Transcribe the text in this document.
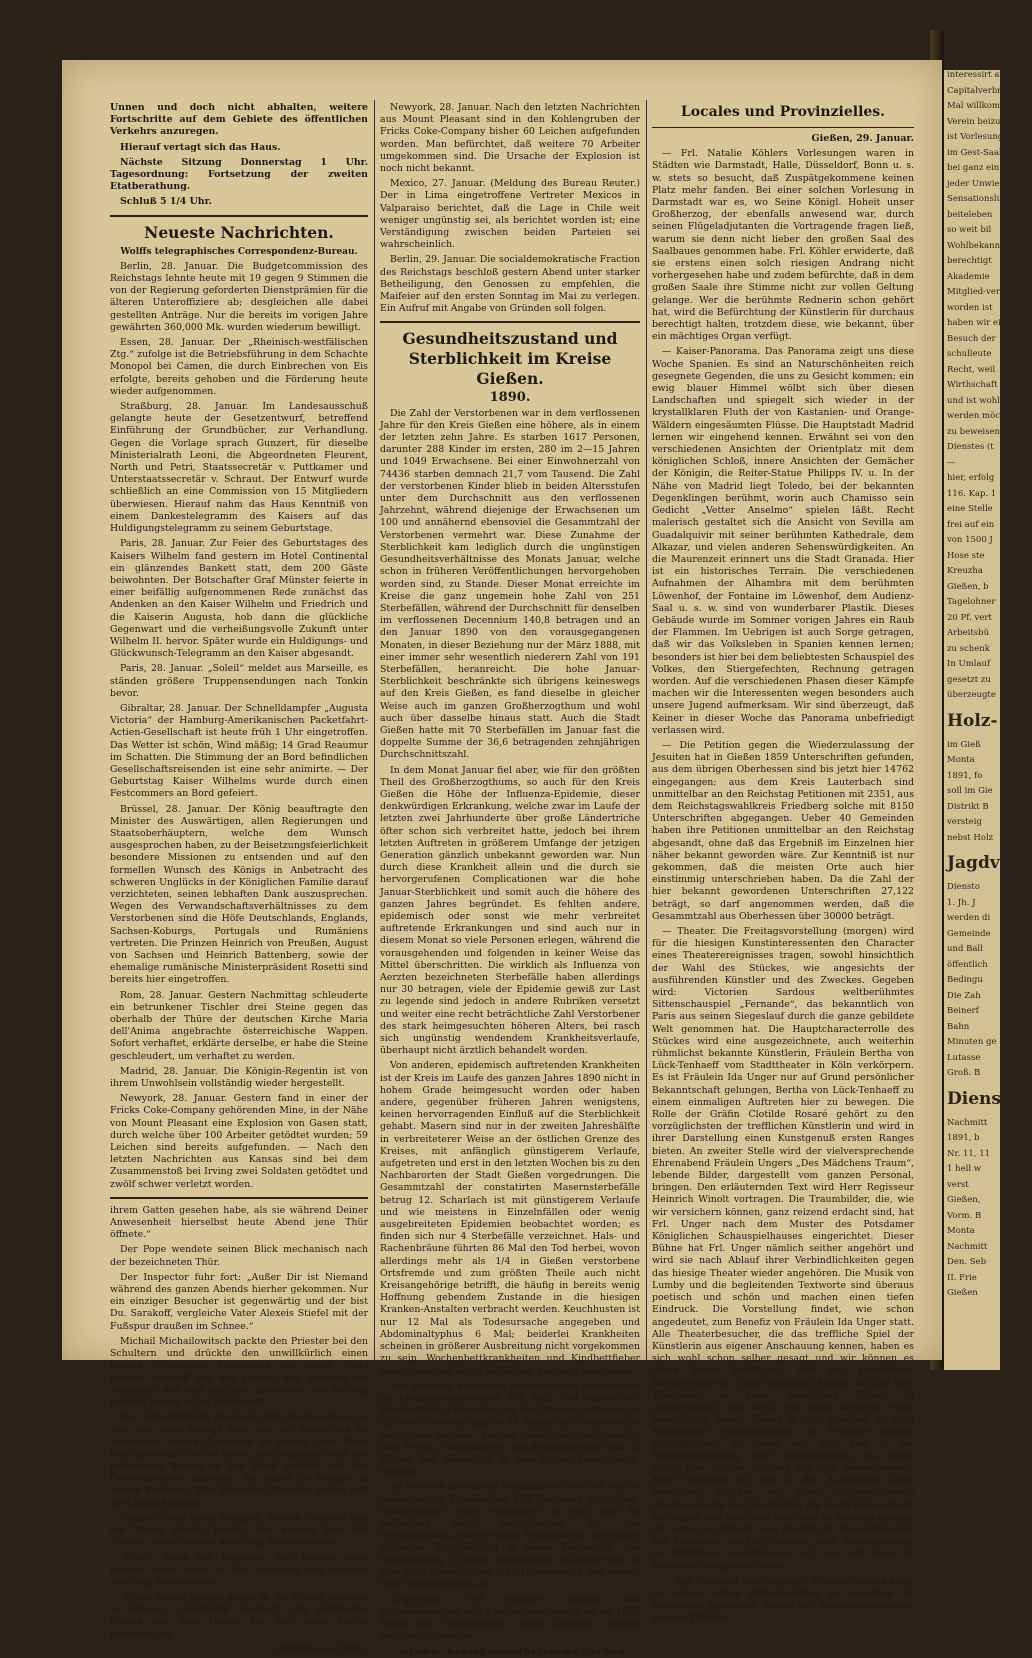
Unnen und doch nicht abhalten, weitere Fortschritte auf dem Gebiete des öffentlichen Verkehrs anzuregen.

Hierauf vertagt sich das Haus.

Nächste Sitzung Donnerstag 1 Uhr. Tagesordnung: Fortsetzung der zweiten Etatberathung.

Schluß 5 1/4 Uhr.

Neueste Nachrichten.

Wolffs telegraphisches Correspondenz-Bureau.

Berlin, 28. Januar. Die Budgetcommission des Reichstags lehnte heute mit 19 gegen 9 Stimmen die von der Regierung geforderten Dienstprämien für die älteren Unteroffiziere ab; desgleichen alle dabei gestellten Anträge. Nur die bereits im vorigen Jahre gewährten 360,000 Mk. wurden wiederum bewilligt.

Essen, 28. Januar. Der „Rheinisch-westfälischen Ztg.“ zufolge ist die Betriebsführung in dem Schachte Monopol bei Camen, die durch Einbrechen von Eis erfolgte, bereits gehoben und die Förderung heute wieder aufgenommen.

Straßburg, 28. Januar. Im Landesausschuß gelangte heute der Gesetzentwurf, betreffend Einführung der Grundbücher, zur Verhandlung. Gegen die Vorlage sprach Gunzert, für dieselbe Ministerialrath Leoni, die Abgeordneten Fleurent, North und Petri, Staatssecretär v. Puttkamer und Unterstaatssecretär v. Schraut. Der Entwurf wurde schließlich an eine Commission von 15 Mitgliedern überwiesen. Hierauf nahm das Haus Kenntniß von einem Dankestelegramm des Kaisers auf das Huldigungstelegramm zu seinem Geburtstage.

Paris, 28. Januar. Zur Feier des Geburtstages des Kaisers Wilhelm fand gestern im Hotel Continental ein glänzendes Bankett statt, dem 200 Gäste beiwohnten. Der Botschafter Graf Münster feierte in einer beifällig aufgenommenen Rede zunächst das Andenken an den Kaiser Wilhelm und Friedrich und die Kaiserin Augusta, hob dann die glückliche Gegenwart und die verheißungsvolle Zukunft unter Wilhelm II. hervor. Später wurde ein Huldigungs- und Glückwunsch-Telegramm an den Kaiser abgesandt.

Paris, 28. Januar. „Soleil“ meldet aus Marseille, es ständen größere Truppensendungen nach Tonkin bevor.

Gibraltar, 28. Januar. Der Schnelldampfer „Augusta Victoria“ der Hamburg-Amerikanischen Packetfahrt-Actien-Gesellschaft ist heute früh 1 Uhr eingetroffen. Das Wetter ist schön, Wind mäßig; 14 Grad Reaumur im Schatten. Die Stimmung der an Bord befindlichen Gesellschaftsreisenden ist eine sehr animirte. — Der Geburtstag Kaiser Wilhelms wurde durch einen Festcommers an Bord gefeiert.

Brüssel, 28. Januar. Der König beauftragte den Minister des Auswärtigen, allen Regierungen und Staatsoberhäuptern, welche dem Wunsch ausgesprochen haben, zu der Beisetzungsfeierlichkeit besondere Missionen zu entsenden und auf den formellen Wunsch des Königs in Anbetracht des schweren Unglücks in der Königlichen Familie darauf verzichteten, seinen lebhaften Dank auszusprechen. Wegen des Verwandschaftsverhältnisses zu dem Verstorbenen sind die Höfe Deutschlands, Englands, Sachsen-Koburgs, Portugals und Rumäniens vertreten. Die Prinzen Heinrich von Preußen, August von Sachsen und Heinrich Battenberg, sowie der ehemalige rumänische Ministerpräsident Rosetti sind bereits hier eingetroffen.

Rom, 28. Januar. Gestern Nachmittag schleuderte ein betrunkener Tischler drei Steine gegen das oberhalb der Thüre der deutschen Kirche Maria dell'Anima angebrachte österreichische Wappen. Sofort verhaftet, erklärte derselbe, er habe die Steine geschleudert, um verhaftet zu werden.

Madrid, 28. Januar. Die Königin-Regentin ist von ihrem Unwohlsein vollständig wieder hergestellt.

Newyork, 28. Januar. Gestern fand in einer der Fricks Coke-Company gehörenden Mine, in der Nähe von Mount Pleasant eine Explosion von Gasen statt, durch welche über 100 Arbeiter getödtet wurden; 59 Leichen sind bereits aufgefunden. — Nach den letzten Nachrichten aus Kansas sind bei dem Zusammenstoß bei Irving zwei Soldaten getödtet und zwölf schwer verletzt worden.

ihrem Gatten gesehen habe, als sie während Deiner Anwesenheit hierselbst heute Abend jene Thür öffnete.“

Der Pope wendete seinen Blick mechanisch nach der bezeichneten Thür.

Der Inspector fuhr fort: „Außer Dir ist Niemand während des ganzen Abends hierher gekommen. Nur ein einziger Besucher ist gegenwärtig und der bist Du. Sarakoff, vergleiche Vater Alexeis Stiefel mit der Fußspur draußen im Schnee.“

Michail Michailowitsch packte den Priester bei den Schultern und drückte den unwillkürlich einen kurzen Widerstand Leistenden auf einen Stuhl nieder; Sarakoff zog ihm schnell und gewandt die Pelzstiefel aus und ging mit denselben, von Michail gefolgt, hinaus in die Finsterniß.

Der Ueberwältigte blieb auf dem Stuhle sitzen; es war ihm ganz stumpf und wirr zu Sinne und er vermochte keinen Gedanken zu fassen. Sein Blick irrte abwesend durchs Leere. Der Inspector stand mit gekreuzten Armen an den Tisch gelehnt und der Gerichtsbeamte blätterte, die Feder im Munde, in seinen Papieren. Man hörte die Wanduhr ticken und die Lampe knistern.

Endlich, nach einer Ewigkeit, kamen Sarakoff und der Bauer wieder herein; der erstere trug die Stiefeln, deren Sohlen weiß vom Schnee waren.

„Nun?“ sagte der Inspector. Der Beamte aber tauchte seine Feder in das Tintenfaß und schickte sich zum Schreiben an.

„Diese Stiefel passen genau in die Fährte draußen im Schnee,“ berichtete Sarakoff. „Die Fußspuren rühren von dem Manne her, der diese Stiefel getragen hat.“

(Fortsetzung folgt.)

Newyork, 28. Januar. Nach den letzten Nachrichten aus Mount Pleasant sind in den Kohlengruben der Fricks Coke-Company bisher 60 Leichen aufgefunden worden. Man befürchtet, daß weitere 70 Arbeiter umgekommen sind. Die Ursache der Explosion ist noch nicht bekannt.

Mexico, 27. Januar. (Meldung des Bureau Reuter.) Der in Lima eingetroffene Vertreter Mexicos in Valparaiso berichtet, daß die Lage in Chile weit weniger ungünstig sei, als berichtet worden ist; eine Verständigung zwischen beiden Parteien sei wahrscheinlich.

Berlin, 29. Januar. Die socialdemokratische Fraction des Reichstags beschloß gestern Abend unter starker Betheiligung, den Genossen zu empfehlen, die Maifeier auf den ersten Sonntag im Mai zu verlegen. Ein Aufruf mit Angabe von Gründen soll folgen.

Gesundheitszustand und Sterblichkeit im Kreise Gießen.

1890.

Die Zahl der Verstorbenen war in dem verflossenen Jahre für den Kreis Gießen eine höhere, als in einem der letzten zehn Jahre. Es starben 1617 Personen, darunter 288 Kinder im ersten, 280 im 2—15 Jahren und 1049 Erwachsene. Bei einer Einwohnerzahl von 74436 starben demnach 21,7 vom Tausend. Die Zahl der verstorbenen Kinder blieb in beiden Altersstufen unter dem Durchschnitt aus den verflossenen Jahrzehnt, während diejenige der Erwachsenen um 100 und annähernd ebensoviel die Gesammtzahl der Verstorbenen vermehrt war. Diese Zunahme der Sterblichkeit kam lediglich durch die ungünstigen Gesundheitsverhältnisse des Monats Januar, welche schon in früheren Veröffentlichungen hervorgehoben worden sind, zu Stande. Dieser Monat erreichte im Kreise die ganz ungemein hohe Zahl von 251 Sterbefällen, während der Durchschnitt für denselben im verflossenen Decennium 140,8 betragen und an den Januar 1890 von den vorausgegangenen Monaten, in dieser Beziehung nur der März 1888, mit einer immer sehr wesentlich niederern Zahl von 191 Sterbefällen, heranreicht. Die hohe Januar-Sterblichkeit beschränkte sich übrigens keineswegs auf den Kreis Gießen, es fand dieselbe in gleicher Weise auch im ganzen Großherzogthum und wohl auch über dasselbe hinaus statt. Auch die Stadt Gießen hatte mit 70 Sterbefällen im Januar fast die doppelte Summe der 36,6 betragenden zehnjährigen Durchschnittszahl.

In dem Monat Januar fiel aber, wie für den größten Theil des Großherzogthums, so auch für den Kreis Gießen die Höhe der Influenza-Epidemie, dieser denkwürdigen Erkrankung, welche zwar im Laufe der letzten zwei Jahrhunderte über große Ländertriche öfter schon sich verbreitet hatte, jedoch bei ihrem letzten Auftreten in größerem Umfange der jetzigen Generation gänzlich unbekannt geworden war. Nun durch diese Krankheit allein und die durch sie hervorgerufenen Complicationen war die hohe Januar-Sterblichkeit und somit auch die höhere des ganzen Jahres begründet. Es fehlten andere, epidemisch oder sonst wie mehr verbreitet auftretende Erkrankungen und sind auch nur in diesem Monat so viele Personen erlegen, während die vorausgehenden und folgenden in keiner Weise das Mittel überschritten. Die wirklich als Influenza von Aerzten bezeichneten Sterbefälle haben allerdings nur 30 betragen, viele der Epidemie gewiß zur Last zu legende sind jedoch in andere Rubriken versetzt und weiter eine recht beträchtliche Zahl Verstorbener des stark heimgesuchten höheren Alters, bei rasch sich ungünstig wendendem Krankheitsverlaufe, überhaupt nicht ärztlich behandelt worden.

Von anderen, epidemisch auftretenden Krankheiten ist der Kreis im Laufe des ganzen Jahres 1890 nicht in hohem Grade heimgesucht worden oder haben andere, gegenüber früheren Jahren wenigstens, keinen hervorragenden Einfluß auf die Sterblichkeit gehabt. Masern sind nur in der zweiten Jahreshälfte in verbreiteterer Weise an der östlichen Grenze des Kreises, mit anfänglich günstigerem Verlaufe, aufgetreten und erst in den letzten Wochen bis zu den Nachbarorten der Stadt Gießen vorgedrungen. Die Gesammtzahl der constatirten Masernsterbefälle betrug 12. Scharlach ist mit günstigerem Verlaufe und wie meistens in Einzelnfällen oder wenig ausgebreiteten Epidemien beobachtet worden; es finden sich nur 4 Sterbefälle verzeichnet. Hals- und Rachenbräune führten 86 Mal den Tod herbei, wovon allerdings mehr als 1/4 in Gießen verstorbene Ortsfremde und zum größten Theile auch nicht Kreisangehörige betrifft, die häufig in bereits wenig Hoffnung gebendem Zustande in die hiesigen Kranken-Anstalten verbracht werden. Keuchhusten ist nur 12 Mal als Todesursache angegeben und Abdominaltyphus 6 Mal; beiderlei Krankheiten scheinen in größerer Ausbreitung nicht vorgekommen zu sein. Wochenbettkrankheiten und Kindbettfieber haben neunmal einen tödtlichen Ausgang genommen.

Von anderen, besonders verzeichneten Krankheiten ist Lungenschwindsucht 220 Mal, fast ebenso oft Entzündliche Erkrankungen der Athmungs-Organe in 222 und Gehirnschlag in 36 Fällen als Todesursache angegeben worden. Akutem Gelenkrheumatismus ist eine Person, Darmkatarrh und Brechdurchfall sind 32 Kinder, fast sämmtlich in dem ersten Lebensjahre, erlegen.

An anderen bekannten Krankheiten sind 788 und an unbekannten Krankheiten 152 Personen gestorben. Gewaltsamen Todes verstarben 30 und zwar 18 Individuen durch verschiedene Art von Verunglückung, durch Fallen, Ueberfahren, Ertrinken, Erfrieren, Verschüttung in einem Steinbruch und Verbrennung, 10 durch Selbstmord, in einem Falle ist eine Schädelverletzung tödtlich geworden und einmal fand Hinrichtung statt.

Gegenüber 349 maliger Angabe von Standesbeamten und Leichenbeschauern ist im 1268 Fällen die Todesursache durch ärztliche Angabe festgestellt worden.

Großh. Kreisgesundheitsamt Gießen.

Locales und Provinzielles.

Gießen, 29. Januar.

— Frl. Natalie Köhlers Vorlesungen waren in Städten wie Darmstadt, Halle, Düsseldorf, Bonn u. s. w. stets so besucht, daß Zuspätgekommene keinen Platz mehr fanden. Bei einer solchen Vorlesung in Darmstadt war es, wo Seine Königl. Hoheit unser Großherzog, der ebenfalls anwesend war, durch seinen Flügeladjutanten die Vortragende fragen ließ, warum sie denn nicht lieber den großen Saal des Saalbaues genommen habe. Frl. Köhler erwiderte, daß sie erstens einen solch riesigen Andrang nicht vorhergesehen habe und zudem befürchte, daß in dem großen Saale ihre Stimme nicht zur vollen Geltung gelange. Wer die berühmte Rednerin schon gehört hat, wird die Befürchtung der Künstlerin für durchaus berechtigt halten, trotzdem diese, wie bekannt, über ein mächtiges Organ verfügt.

— Kaiser-Panorama. Das Panorama zeigt uns diese Woche Spanien. Es sind an Naturschönheiten reich gesegnete Gegenden, die uns zu Gesicht kommen; ein ewig blauer Himmel wölbt sich über diesen Landschaften und spiegelt sich wieder in der krystallklaren Fluth der von Kastanien- und Orange-Wäldern eingesäumten Flüsse. Die Hauptstadt Madrid lernen wir eingehend kennen. Erwähnt sei von den verschiedenen Ansichten der Orientplatz mit dem königlichen Schloß, innere Ansichten der Gemächer der Königin, die Reiter-Statue Philipps IV. u. In der Nähe von Madrid liegt Toledo, bei der bekannten Degenklingen berühmt, worin auch Chamisso sein Gedicht „Vetter Anselmo“ spielen läßt. Recht malerisch gestaltet sich die Ansicht von Sevilla am Guadalquivir mit seiner berühmten Kathedrale, dem Alkazar, und vielen anderen Sehenswürdigkeiten. An die Maurenzeit erinnert uns die Stadt Granada. Hier ist ein historisches Terrain. Die verschiedenen Aufnahmen der Alhambra mit dem berühmten Löwenhof, der Fontaine im Löwenhof, dem Audienz-Saal u. s. w. sind von wunderbarer Plastik. Dieses Gebäude wurde im Sommer vorigen Jahres ein Raub der Flammen. Im Uebrigen ist auch Sorge getragen, daß wir das Volksleben in Spanien kennen lernen; besonders ist hier bei dem beliebtesten Schauspiel des Volkes, den Stiergefechten, Rechnung getragen worden. Auf die verschiedenen Phasen dieser Kämpfe machen wir die Interessenten wegen besonders auch unsere Jugend aufmerksam. Wir sind überzeugt, daß Keiner in dieser Woche das Panorama unbefriedigt verlassen wird.

— Die Petition gegen die Wiederzulassung der Jesuiten hat in Gießen 1859 Unterschriften gefunden, aus dem übrigen Oberhessen sind bis jetzt hier 14762 eingegangen; aus dem Kreis Lauterbach sind unmittelbar an den Reichstag Petitionen mit 2351, aus dem Reichstagswahlkreis Friedberg solche mit 8150 Unterschriften abgegangen. Ueber 40 Gemeinden haben ihre Petitionen unmittelbar an den Reichstag abgesandt, ohne daß das Ergebniß im Einzelnen hier näher bekannt geworden wäre. Zur Kenntniß ist nur gekommen, daß die meisten Orte auch hier einstimmig unterschrieben haben. Da die Zahl der hier bekannt gewordenen Unterschriften 27,122 beträgt, so darf angenommen werden, daß die Gesammtzahl aus Oberhessen über 30000 beträgt.

— Theater. Die Freitagsvorstellung (morgen) wird für die hiesigen Kunstinteressenten den Character eines Theaterereignisses tragen, sowohl hinsichtlich der Wahl des Stückes, wie angesichts der ausführenden Künstler und des Zweckes. Gegeben wird: Victorien Sardous weltberühmtes Sittenschauspiel „Fernande“, das bekanntlich von Paris aus seinen Siegeslauf durch die ganze gebildete Welt genommen hat. Die Hauptcharacterrolle des Stückes wird eine ausgezeichnete, auch weiterhin rühmlichst bekannte Künstlerin, Fräulein Bertha von Lück-Tenhaeff vom Stadttheater in Köln verkörpern. Es ist Fräulein Ida Unger nur auf Grund persönlicher Bekanntschaft gelungen, Bertha von Lück-Tenhaeff zu einem einmaligen Auftreten hier zu bewegen. Die Rolle der Gräfin Clotilde Rosaré gehört zu den vorzüglichsten der trefflichen Künstlerin und wird in ihrer Darstellung einen Kunstgenuß ersten Ranges bieten. An zweiter Stelle wird der vielversprechende Ehrenabend Fräulein Ungers „Des Mädchens Traum“, lebende Bilder, dargestellt vom ganzen Personal, bringen. Den erläuternden Text wird Herr Regisseur Heinrich Winolt vortragen. Die Traumbilder, die, wie wir versichern können, ganz reizend erdacht sind, hat Frl. Unger nach dem Muster des Potsdamer Königlichen Schauspielhauses eingerichtet. Dieser Bühne hat Frl. Unger nämlich seither angehört und wird sie nach Ablauf ihrer Verbindlichkeiten gegen das hiesige Theater wieder angehören. Die Musik von Lumby und die begleitenden Textworte sind überaus poetisch und schön und machen einen tiefen Eindruck. Die Vorstellung findet, wie schon angedeutet, zum Benefiz von Fräulein Ida Unger statt. Alle Theaterbesucher, die das treffliche Spiel der Künstlerin aus eigener Anschauung kennen, haben es sich wohl schon selber gesagt und wir können es ihnen heute bestätigen, daß nur persönliche Rücksichten Frl. Unger bestimmt haben, auf Zeit ihre Thätigkeit an einer namhaften Bühne zu unterbrechen. Sie wird, wie oben bemerkt, nach Beendigung dieser Saison in ihre Stellung an dem Königlichen Schauspielhaus in Potsdam wieder zurückkehren. Es bietet sich hier also in der Benefizvorstellung einer Schauspielerin, die schon durch ihre äußere Stellung als eine hervorragende Kraft legitimirt ist, und in der Aufführung eines namhaften Stückes mit einer ausgezeichneten Repräsentantin der Hauptrolle, die beste Gelegenheit, zu zeigen, daß man hier das Gute zu nehmen geneigt ist, woher es kommt, und überall da, ohne Rücksicht auf beirrende Aeußerlichkeiten, sein Kunstinteresse zu bethätigen entschlossen ist, wo sich dazu in Wahrheit Gelegenheit findet.

— Der Vorstand des Gießener Theater-Vereins hatte bei seiner ersten Platzeinteilung so eigentlich als Autodidakt gehandelt, keines der Ausschußmitglieder war als Theater-

interessirt auf

Capitalverbrec

Mal willkommen

Verein beizut

ist Vorlesung

im Gest-Saal

bei ganz ein

jeder Unwie

Sensationsluß

beiteleben

so weit bil

Wohlbekann

berechtigt

Akademie

Mitglied-ver

worden ist

haben wir ei

Besuch der

schulleute

Recht, weil

Wirthschaft

und ist wohl

werden möc

zu beweisen

Dienstes (t

—

hier, erfolg

116. Kap. 1

eine Stelle

frei auf ein

von 1500 J

Hose ste

Kreuzha

Gießen, b

Tagelohner

20 Pf. vert

Arbeitsbü

zu schenk

In Umlauf

gesetzt zu

überzeugte

Holz-

im Gieß

Monta

1891, fo

soll im Gie

Distrikt B

versteig

nebst Holz

Jagdv

Diensto

1. Jh. J

werden di

Gemeinde

und Ball

öffentlich

Bedingu

Die Zah

Beinerf

Bahn

Minuten ge

Lutasse

Groß. B

Dienstag

Nachmitt

1891, b

Nr. 11, 11

1 hell w

verst

Gießen,

Vorm. B

Monta

Nachmitt

Den. Seb

II. Frie

Gießen
